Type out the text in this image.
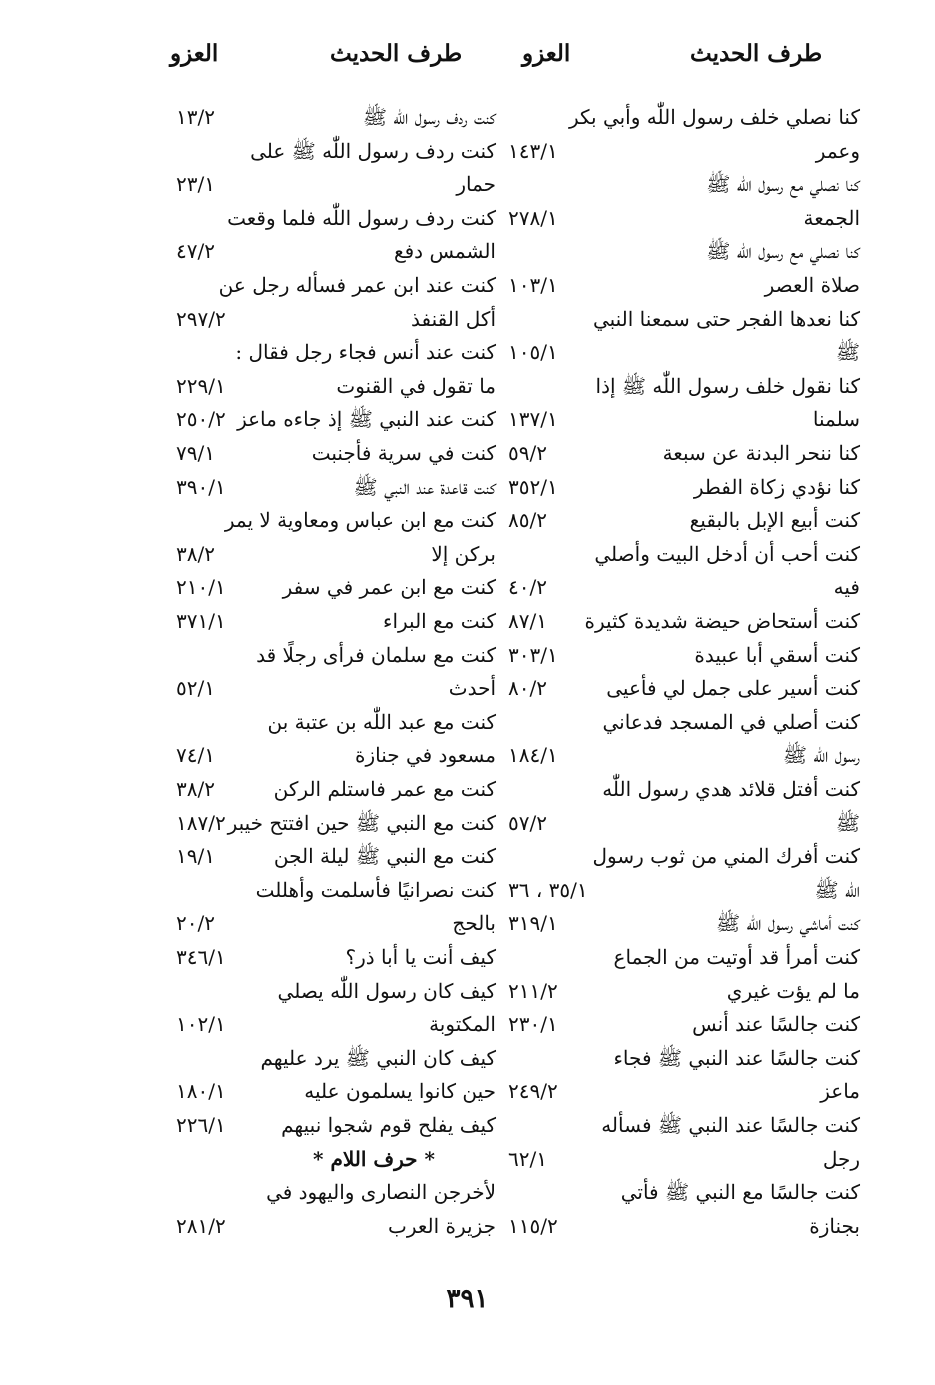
طرف الحديث
العزو
طرف الحديث
العزو
كنا نصلي خلف رسول اللّٰه وأبي بكر
وعمر
١٤٣/١
كنا نصلي مع رسول اللّٰه ﷺ
الجمعة
٢٧٨/١
كنا نصلي مع رسول اللّٰه ﷺ
صلاة العصر
١٠٣/١
كنا نعدها الفجر حتى سمعنا النبي
ﷺ
١٠٥/١
كنا نقول خلف رسول اللّٰه ﷺ إذا
سلمنا
١٣٧/١
كنا ننحر البدنة عن سبعة
٥٩/٢
كنا نؤدي زكاة الفطر
٣٥٢/١
كنت أبيع الإبل بالبقيع
٨٥/٢
كنت أحب أن أدخل البيت وأصلي
فيه
٤٠/٢
كنت أستحاض حيضة شديدة كثيرة
٨٧/١
كنت أسقي أبا عبيدة
٣٠٣/١
كنت أسير على جمل لي فأعيى
٨٠/٢
كنت أصلي في المسجد فدعاني
رسول اللّٰه ﷺ
١٨٤/١
كنت أفتل قلائد هدي رسول اللّٰه
ﷺ
٥٧/٢
كنت أفرك المني من ثوب رسول
اللّٰه ﷺ
٣٥/١ ، ٣٦
كنت أماشي رسول اللّٰه ﷺ
٣١٩/١
كنت أمرأ قد أوتيت من الجماع
ما لم يؤت غيري
٢١١/٢
كنت جالسًا عند أنس
٢٣٠/١
كنت جالسًا عند النبي ﷺ فجاء
ماعز
٢٤٩/٢
كنت جالسًا عند النبي ﷺ فسأله
رجل
٦٢/١
كنت جالسًا مع النبي ﷺ فأتي
بجنازة
١١٥/٢
كنت ردف رسول اللّٰه ﷺ
١٣/٢
كنت ردف رسول اللّٰه ﷺ على
حمار
٢٣/١
كنت ردف رسول اللّٰه فلما وقعت
الشمس دفع
٤٧/٢
كنت عند ابن عمر فسأله رجل عن
أكل القنفذ
٢٩٧/٢
كنت عند أنس فجاء رجل فقال :
ما تقول في القنوت
٢٢٩/١
كنت عند النبي ﷺ إذ جاءه ماعز
٢٥٠/٢
كنت في سرية فأجنبت
٧٩/١
كنت قاعدة عند النبي ﷺ
٣٩٠/١
كنت مع ابن عباس ومعاوية لا يمر
بركن إلا
٣٨/٢
كنت مع ابن عمر في سفر
٢١٠/١
كنت مع البراء
٣٧١/١
كنت مع سلمان فرأى رجلًا قد
أحدث
٥٢/١
كنت مع عبد اللّٰه بن عتبة بن
مسعود في جنازة
٧٤/١
كنت مع عمر فاستلم الركن
٣٨/٢
كنت مع النبي ﷺ حين افتتح خيبر
١٨٧/٢
كنت مع النبي ﷺ ليلة الجن
١٩/١
كنت نصرانيًا فأسلمت وأهللت
بالحج
٢٠/٢
كيف أنت يا أبا ذر؟
٣٤٦/١
كيف كان رسول اللّٰه يصلي
المكتوبة
١٠٢/١
كيف كان النبي ﷺ يرد عليهم
حين كانوا يسلمون عليه
١٨٠/١
كيف يفلح قوم شجوا نبيهم
٢٢٦/١
* حرف اللام *
لأخرجن النصارى واليهود في
جزيرة العرب
٢٨١/٢
٣٩١
